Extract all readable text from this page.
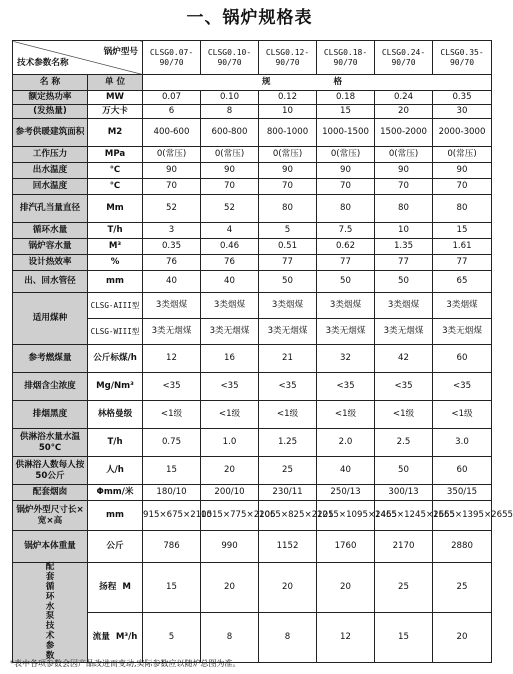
一、锅炉规格表
锅炉型号
技术参数名称		CLSG0.07-90/70	CLSG0.10-90/70	CLSG0.12-90/70	CLSG0.18-90/70	CLSG0.24-90/70	CLSG0.35-90/70
名 称	单 位	规 格					
额定热功率	MW	0.07	0.10	0.12	0.18	0.24	0.35
(发热量)	万大卡	6	8	10	15	20	30
参考供暖建筑面积	M2	400-600	600-800	800-1000	1000-1500	1500-2000	2000-3000
工作压力	MPa	0(常压)	0(常压)	0(常压)	0(常压)	0(常压)	0(常压)
出水温度	℃	90	90	90	90	90	90
回水温度	℃	70	70	70	70	70	70
排汽孔当量直径	Mm	52	52	80	80	80	80
循环水量	T/h	3	4	5	7.5	10	15
锅炉容水量	M³	0.35	0.46	0.51	0.62	1.35	1.61
设计热效率	%	76	76	77	77	77	77
出、回水管径	mm	40	40	50	50	50	65
适用煤种	CLSG-AIII型	3类烟煤	3类烟煤	3类烟煤	3类烟煤	3类烟煤	3类烟煤
	CLSG-WIII型	3类无烟煤	3类无烟煤	3类无烟煤	3类无烟煤	3类无烟煤	3类无烟煤
参考燃煤量	公斤标煤/h	12	16	21	32	42	60
排烟含尘浓度	Mg/Nm³	<35	<35	<35	<35	<35	<35
排烟黑度	林格曼级	<1级	<1级	<1级	<1级	<1级	<1级
供淋浴水量水温50℃	T/h	0.75	1.0	1.25	2.0	2.5	3.0
供淋浴人数每人按50公斤	人/h	15	20	25	40	50	60
配套烟囱	Φmm/米	180/10	200/10	230/11	250/13	300/13	350/15
锅炉外型尺寸长×宽×高	mm	915×675×2105	1015×775×2205	1065×825×2205	1215×1095×2455	1465×1245×2655	1565×1395×2655
锅炉本体重量	公斤	786	990	1152	1760	2170	2880
配套循环水泵技术参数	扬程 M	15	20	20	20	25	25
	流量 M³/h	5	8	8	12	15	20
*表中各项参数会因产品改进而变动,实际参数应以随炉总图为准。
